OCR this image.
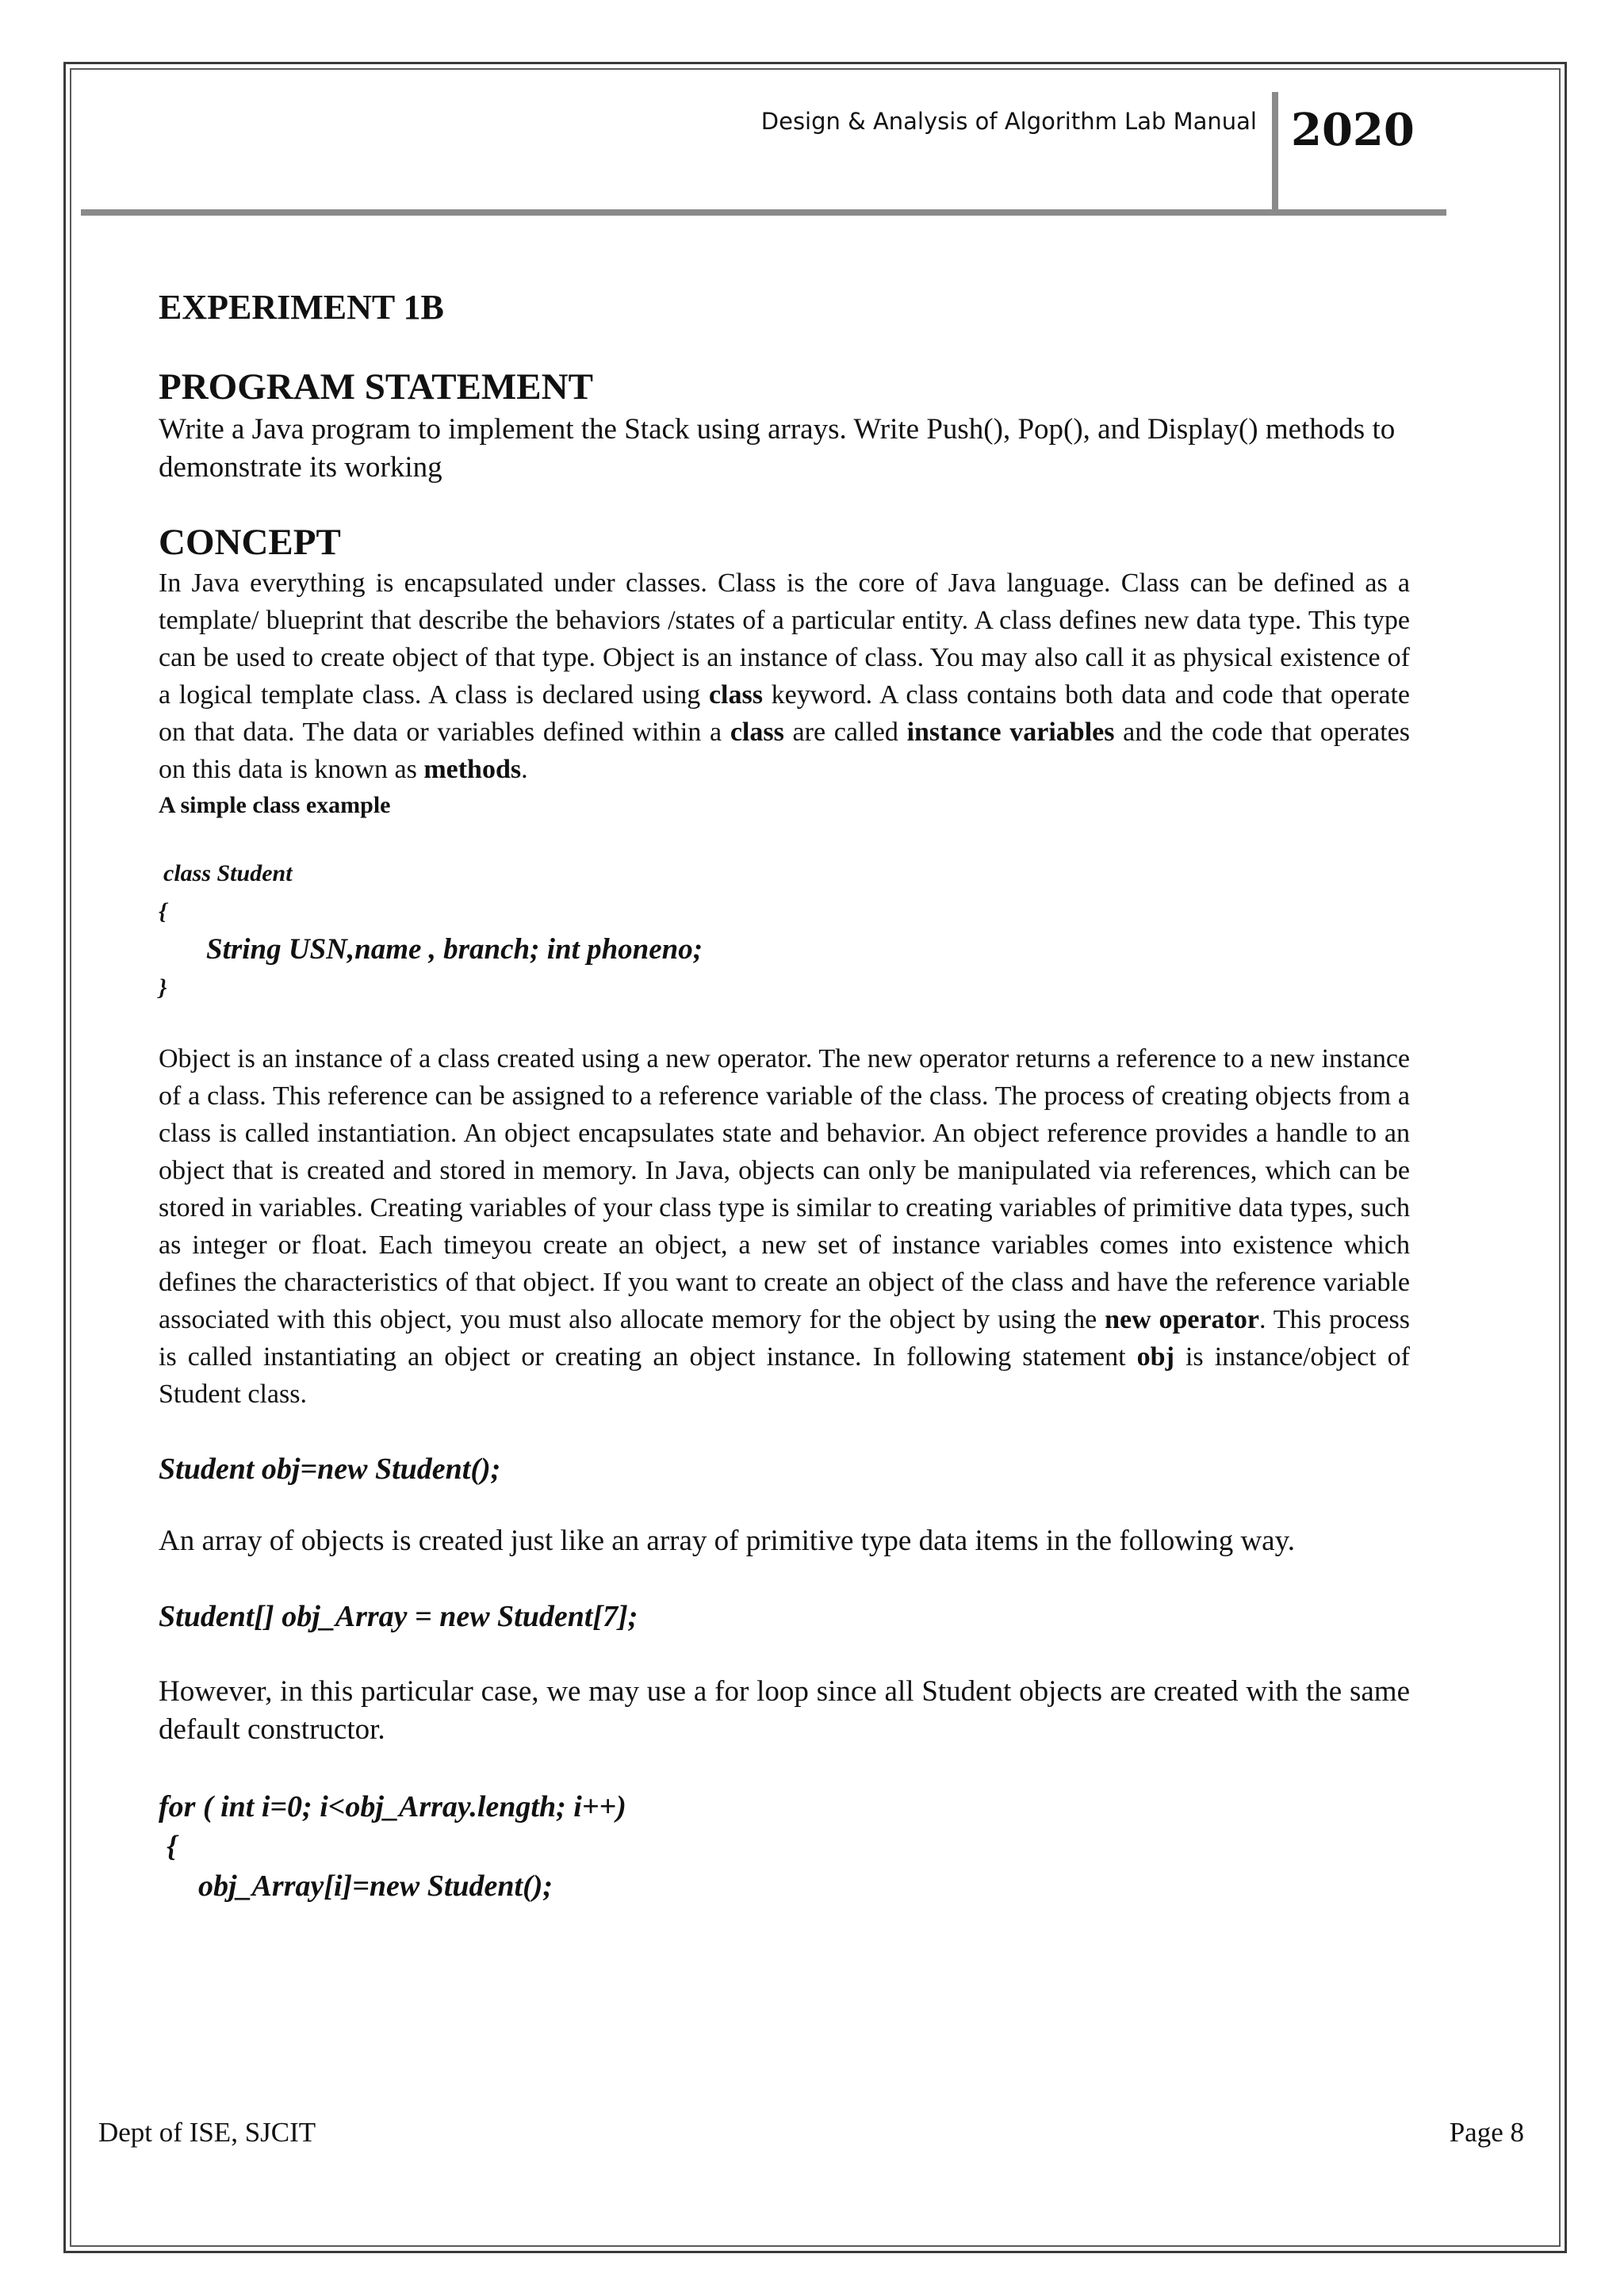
Design & Analysis of Algorithm Lab Manual 2020
EXPERIMENT 1B
PROGRAM STATEMENT

Write a Java program to implement the Stack using arrays. Write Push(), Pop(), and Display() methods to demonstrate its working

CONCEPT

In Java everything is encapsulated under classes. Class is the core of Java language. Class can be defined as a template/ blueprint that describe the behaviors /states of a particular entity. A class defines new data type. This type can be used to create object of that type. Object is an instance of class. You may also call it as physical existence of a logical template class. A class is declared using class keyword. A class contains both data and code that operate on that data. The data or variables defined within a class are called instance variables and the code that operates on this data is known as methods.

A simple class example

class Student

{

String USN,name , branch; int phoneno;

}

Object is an instance of a class created using a new operator. The new operator returns a reference to a new instance of a class. This reference can be assigned to a reference variable of the class. The process of creating objects from a class is called instantiation. An object encapsulates state and behavior. An object reference provides a handle to an object that is created and stored in memory. In Java, objects can only be manipulated via references, which can be stored in variables. Creating variables of your class type is similar to creating variables of primitive data types, such as integer or float. Each timeyou create an object, a new set of instance variables comes into existence which defines the characteristics of that object. If you want to create an object of the class and have the reference variable associated with this object, you must also allocate memory for the object by using the new operator. This process is called instantiating an object or creating an object instance. In following statement obj is instance/object of Student class.

Student obj=new Student();

An array of objects is created just like an array of primitive type data items in the following way.

Student[] obj_Array = new Student[7];

However, in this particular case, we may use a for loop since all Student objects are created with the same default constructor.

for ( int i=0; i<obj_Array.length; i++)

{

obj_Array[i]=new Student();

Dept of ISE, SJCIT	Page 8
